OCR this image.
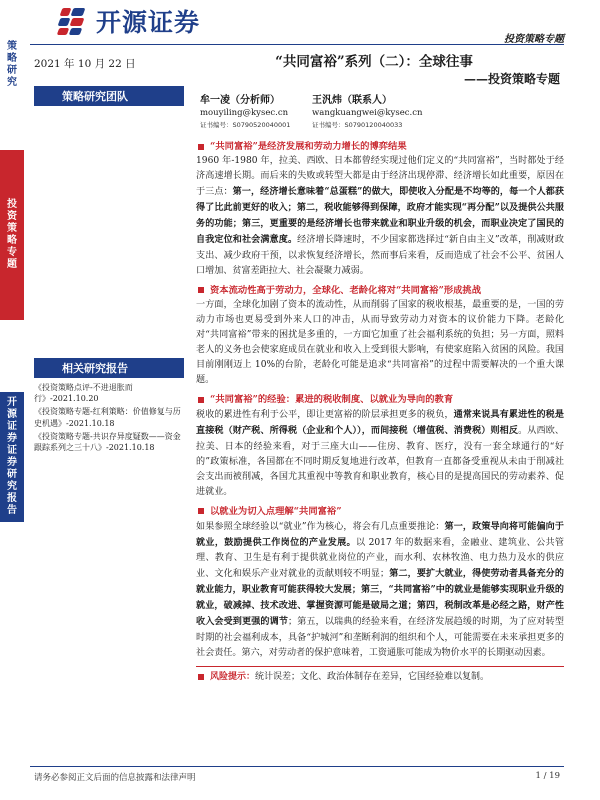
开源证券
投资策略专题
策略研究
投资策略专题
开源证券证券研究报告
2021 年 10 月 22 日
策略研究团队
相关研究报告
《投资策略点评-不进退胀而行》-2021.10.20
《投资策略专题-红利策略：价值修复与历史机遇》-2021.10.18
《投资策略专题-共识存异度疑数——资金跟踪系列之三十八》-2021.10.18
“共同富裕”系列（二）：全球往事
——投资策略专题
牟一凌（分析师）
mouyiling@kysec.cn
证书编号：S0790520040001
王汎炜（联系人）
wangkuangwei@kysec.cn
证书编号：S0790120040033
“共同富裕”是经济发展和劳动力增长的博弈结果

1960 年-1980 年，拉美、西欧、日本都曾经实现过他们定义的“共同富裕”，当时都处于经济高速增长期。而后来的失败或转型大都是由于经济出现停滞、经济增长如此重要，原因在于三点：第一，经济增长意味着“总蛋糕”的做大，即使收入分配是不均等的，每一个人都获得了比此前更好的收入；第二，税收能够得到保障，政府才能实现“再分配”以及提供公共服务的功能；第三，更重要的是经济增长也带来就业和职业升级的机会，而职业决定了国民的自我定位和社会满意度。经济增长降速时，不少国家都选择过“新自由主义”改革，削减财政支出、减少政府干预，以求恢复经济增长，然而事后来看，反而造成了社会不公平、贫困人口增加、贫富差距拉大、社会凝聚力减弱。

资本流动性高于劳动力，全球化、老龄化将对“共同富裕”形成挑战

一方面，全球化加剧了资本的流动性，从而削弱了国家的税收根基，最重要的是，一国的劳动力市场也更易受到外来人口的冲击，从而导致劳动力对资本的议价能力下降。老龄化对“共同富裕”带来的困扰是多重的，一方面它加重了社会福利系统的负担；另一方面，照料老人的义务也会使家庭成员在就业和收入上受到很大影响，有使家庭陷入贫困的风险。我国目前刚刚迈上 10%的台阶，老龄化可能是追求“共同富裕”的过程中需要解决的一个重大课题。

“共同富裕”的经验：累进的税收制度、以就业为导向的教育

税收的累进性有利于公平，即让更富裕的阶层承担更多的税负，通常来说具有累进性的税是直接税（财产税、所得税（企业和个人）），而间接税（增值税、消费税）则相反。从西欧、拉美、日本的经验来看，对于三座大山——住房、教育、医疗，没有一套全球通行的“好的”政策标准，各国都在不同时期反复地进行改革，但教育一直都备受重视从未由于削减社会支出而被削减，各国尤其重视中等教育和职业教育，核心目的是提高国民的劳动素养、促进就业。

以就业为切入点理解“共同富裕”

如果参照全球经验以“就业”作为核心，将会有几点重要推论：第一，政策导向将可能偏向于就业，鼓励提供工作岗位的产业发展。以 2017 年的数据来看，金融业、建筑业、公共管理、教育、卫生是有利于提供就业岗位的产业，而水利、农林牧渔、电力热力及水的供应业、文化和娱乐产业对就业的贡献则较不明显；第二，要扩大就业，得使劳动者具备充分的就业能力，职业教育可能获得较大发展；第三，“共同富裕”中的就业是能够实现职业升级的就业，破减掉、技术改进、掌握资源可能是破局之道；第四，税制改革是必经之路，财产性收入会受到更强的调节；第五，以瑞典的经验来看，在经济发展趋缓的时期，为了应对转型时期的社会福利成本，具备“护城河”和垄断利润的组织和个人，可能需要在未来承担更多的社会责任。第六，对劳动者的保护意味着，工资通胀可能成为物价水平的长期驱动因素。

风险提示： 统计误差；文化、政治体制存在差异，它国经验难以复制。
请务必参阅正文后面的信息披露和法律声明	1 / 19
